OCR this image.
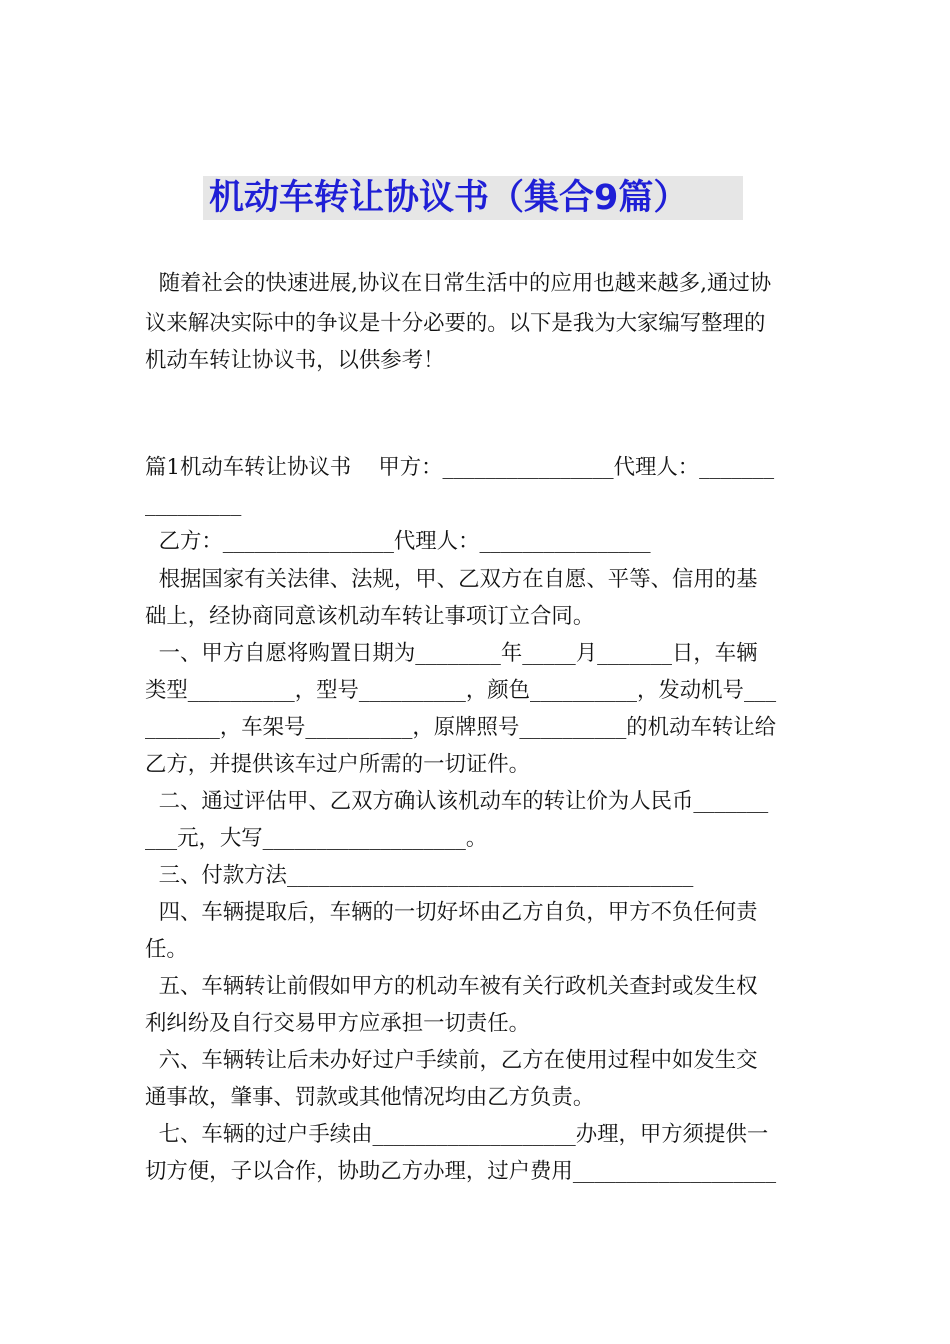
机动车转让协议书（集合9篇）
随着社会的快速进展,协议在日常生活中的应用也越来越多,通过协
议来解决实际中的争议是十分必要的。以下是我为大家编写整理的
机动车转让协议书，以供参考！
篇1机动车转让协议书    甲方：________________代理人：_______
_________
乙方：________________代理人：________________
根据国家有关法律、法规，甲、乙双方在自愿、平等、信用的基
础上，经协商同意该机动车转让事项订立合同。
一、甲方自愿将购置日期为________年_____月_______日，车辆
类型__________，型号__________，颜色__________，发动机号___
_______，车架号__________，原牌照号__________的机动车转让给
乙方，并提供该车过户所需的一切证件。
二、通过评估甲、乙双方确认该机动车的转让价为人民币_______
___元，大写___________________。
三、付款方法______________________________________
四、车辆提取后，车辆的一切好坏由乙方自负，甲方不负任何责
任。
五、车辆转让前假如甲方的机动车被有关行政机关查封或发生权
利纠纷及自行交易甲方应承担一切责任。
六、车辆转让后未办好过户手续前，乙方在使用过程中如发生交
通事故，肇事、罚款或其他情况均由乙方负责。
七、车辆的过户手续由___________________办理，甲方须提供一
切方便，子以合作，协助乙方办理，过户费用___________________
